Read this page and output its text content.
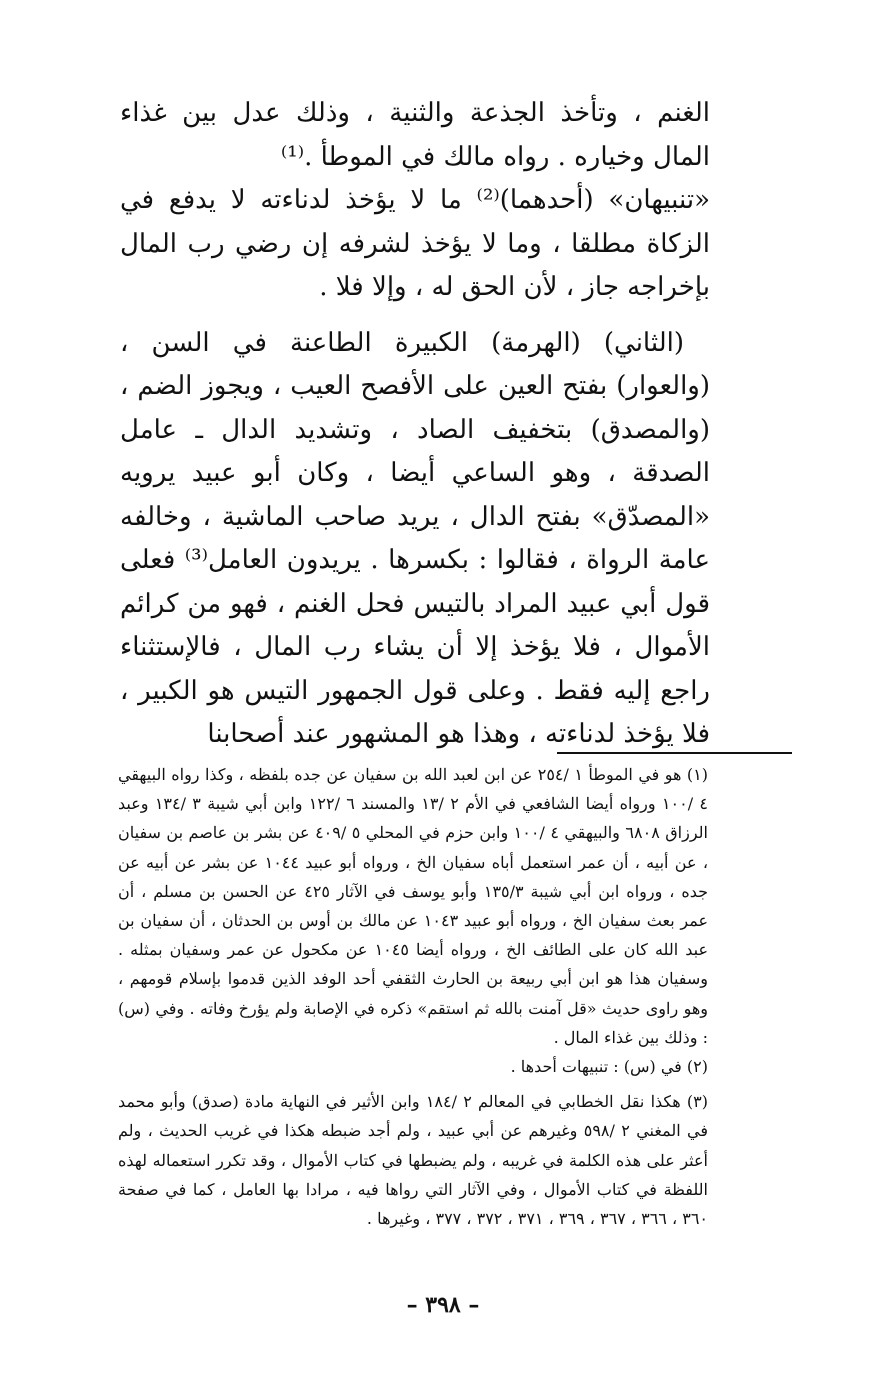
الغنم ، وتأخذ الجذعة والثنية ، وذلك عدل بين غذاء المال وخياره . رواه مالك في الموطأ .⁽¹⁾

«تنبيهان» (أحدهما)⁽²⁾ ما لا يؤخذ لدناءته لا يدفع في الزكاة مطلقا ، وما لا يؤخذ لشرفه إن رضي رب المال بإخراجه جاز ، لأن الحق له ، وإلا فلا .

(الثاني) (الهرمة) الكبيرة الطاعنة في السن ، (والعوار) بفتح العين على الأفصح العيب ، ويجوز الضم ، (والمصدق) بتخفيف الصاد ، وتشديد الدال ـ عامل الصدقة ، وهو الساعي أيضا ، وكان أبو عبيد يرويه «المصدّق» بفتح الدال ، يريد صاحب الماشية ، وخالفه عامة الرواة ، فقالوا : بكسرها . يريدون العامل⁽³⁾ فعلى قول أبي عبيد المراد بالتيس فحل الغنم ، فهو من كرائم الأموال ، فلا يؤخذ إلا أن يشاء رب المال ، فالإستثناء راجع إليه فقط . وعلى قول الجمهور التيس هو الكبير ، فلا يؤخذ لدناءته ، وهذا هو المشهور عند أصحابنا

(١) هو في الموطأ ١ /٢٥٤ عن ابن لعبد الله بن سفيان عن جده بلفظه ، وكذا رواه البيهقي ٤ /١٠٠ ورواه أيضا الشافعي في الأم ٢ /١٣ والمسند ٦ /١٢٢ وابن أبي شيبة ٣ /١٣٤ وعبد الرزاق ٦٨٠٨ والبيهقي ٤ /١٠٠ وابن حزم في المحلي ٥ /٤٠٩ عن بشر بن عاصم بن سفيان ، عن أبيه ، أن عمر استعمل أباه سفيان الخ ، ورواه أبو عبيد ١٠٤٤ عن بشر عن أبيه عن جده ، ورواه ابن أبي شيبة ١٣٥/٣ وأبو يوسف في الآثار ٤٢٥ عن الحسن بن مسلم ، أن عمر بعث سفيان الخ ، ورواه أبو عبيد ١٠٤٣ عن مالك بن أوس بن الحدثان ، أن سفيان بن عبد الله كان على الطائف الخ ، ورواه أيضا ١٠٤٥ عن مكحول عن عمر وسفيان بمثله . وسفيان هذا هو ابن أبي ربيعة بن الحارث الثقفي أحد الوفد الذين قدموا بإسلام قومهم ، وهو راوى حديث «قل آمنت بالله ثم استقم» ذكره في الإصابة ولم يؤرخ وفاته . وفي (س) : وذلك بين غذاء المال .

(٢) في (س) : تنبيهات أحدها .

(٣) هكذا نقل الخطابي في المعالم ٢ /١٨٤ وابن الأثير في النهاية مادة (صدق) وأبو محمد في المغني ٢ /٥٩٨ وغيرهم عن أبي عبيد ، ولم أجد ضبطه هكذا في غريب الحديث ، ولم أعثر على هذه الكلمة في غريبه ، ولم يضبطها في كتاب الأموال ، وقد تكرر استعماله لهذه اللفظة في كتاب الأموال ، وفي الآثار التي رواها فيه ، مرادا بها العامل ، كما في صفحة ٣٦٠ ، ٣٦٦ ، ٣٦٧ ، ٣٦٩ ، ٣٧١ ، ٣٧٢ ، ٣٧٧ ، وغيرها .

– ٣٩٨ –
